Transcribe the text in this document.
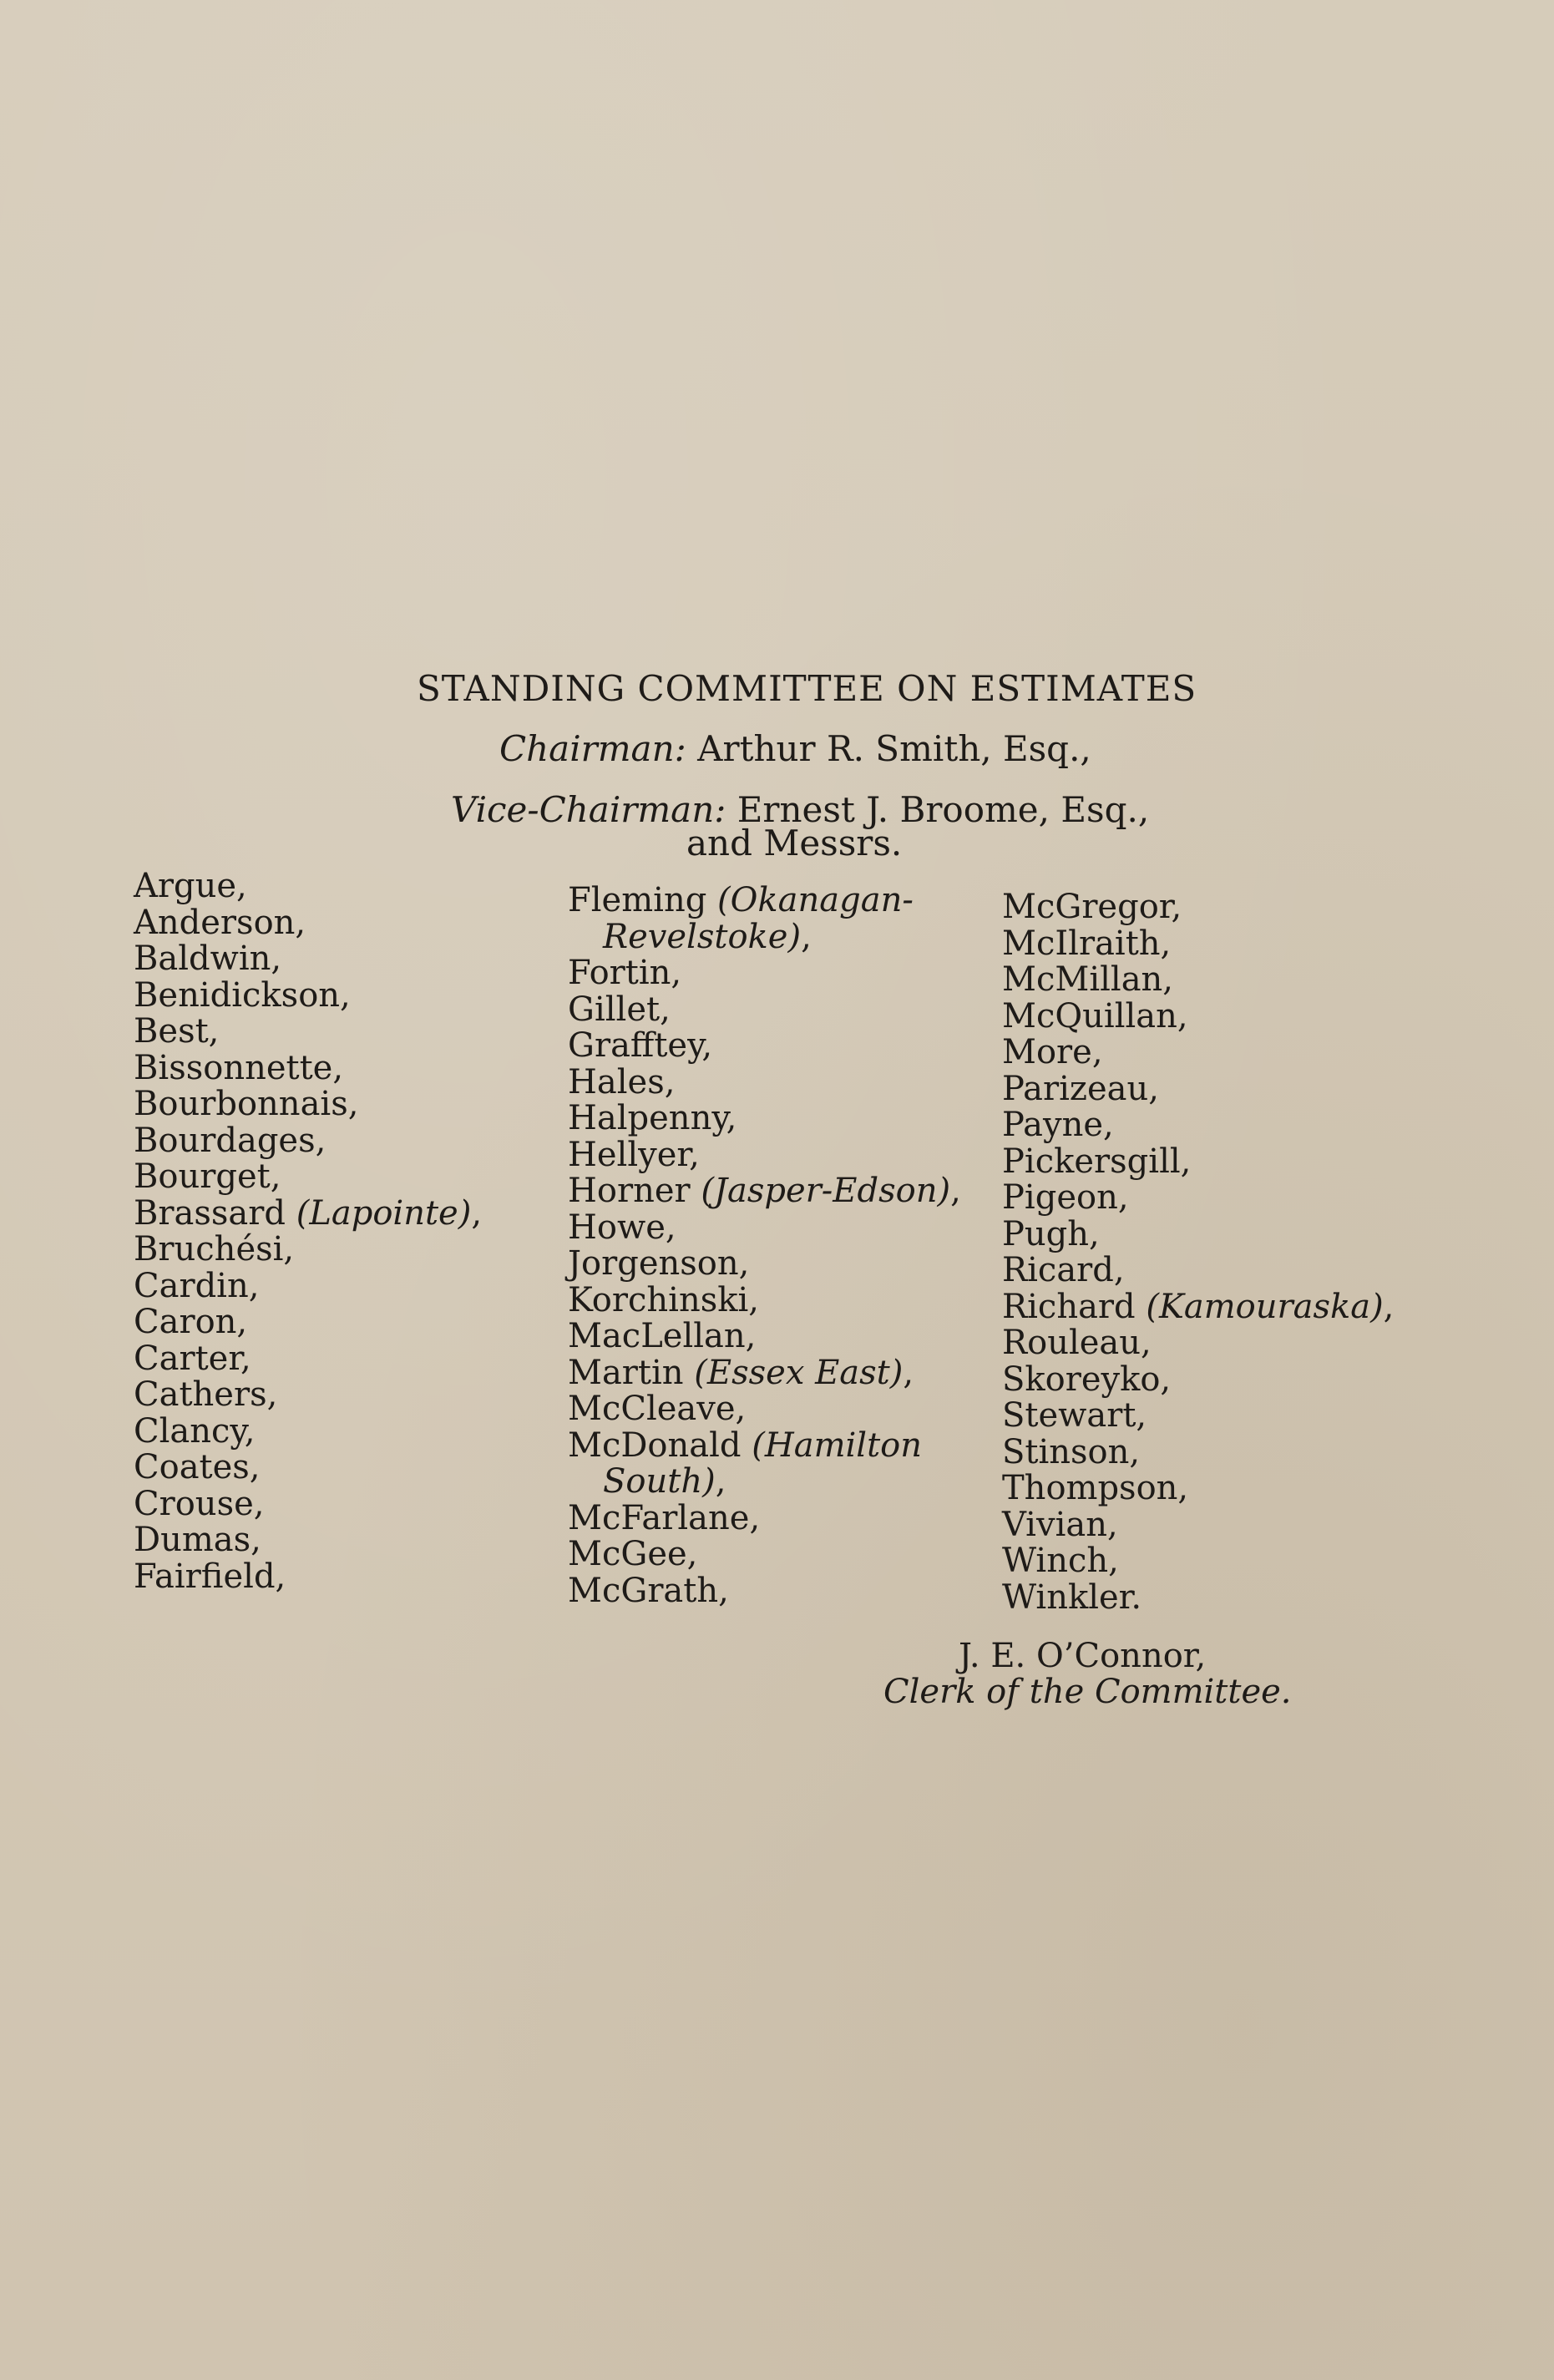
STANDING COMMITTEE ON ESTIMATES
Chairman: Arthur R. Smith, Esq.,
Vice-Chairman: Ernest J. Broome, Esq.,
and Messrs.
Argue,
Anderson,
Baldwin,
Benidickson,
Best,
Bissonnette,
Bourbonnais,
Bourdages,
Bourget,
Brassard (Lapointe),
Bruchési,
Cardin,
Caron,
Carter,
Cathers,
Clancy,
Coates,
Crouse,
Dumas,
Fairfield,
Fleming (Okanagan-
Revelstoke),
Fortin,
Gillet,
Grafftey,
Hales,
Halpenny,
Hellyer,
Horner (Jasper-Edson),
Howe,
Jorgenson,
Korchinski,
MacLellan,
Martin (Essex East),
McCleave,
McDonald (Hamilton
South),
McFarlane,
McGee,
McGrath,
McGregor,
McIlraith,
McMillan,
McQuillan,
More,
Parizeau,
Payne,
Pickersgill,
Pigeon,
Pugh,
Ricard,
Richard (Kamouraska),
Rouleau,
Skoreyko,
Stewart,
Stinson,
Thompson,
Vivian,
Winch,
Winkler.
J. E. O’Connor,
Clerk of the Committee.
